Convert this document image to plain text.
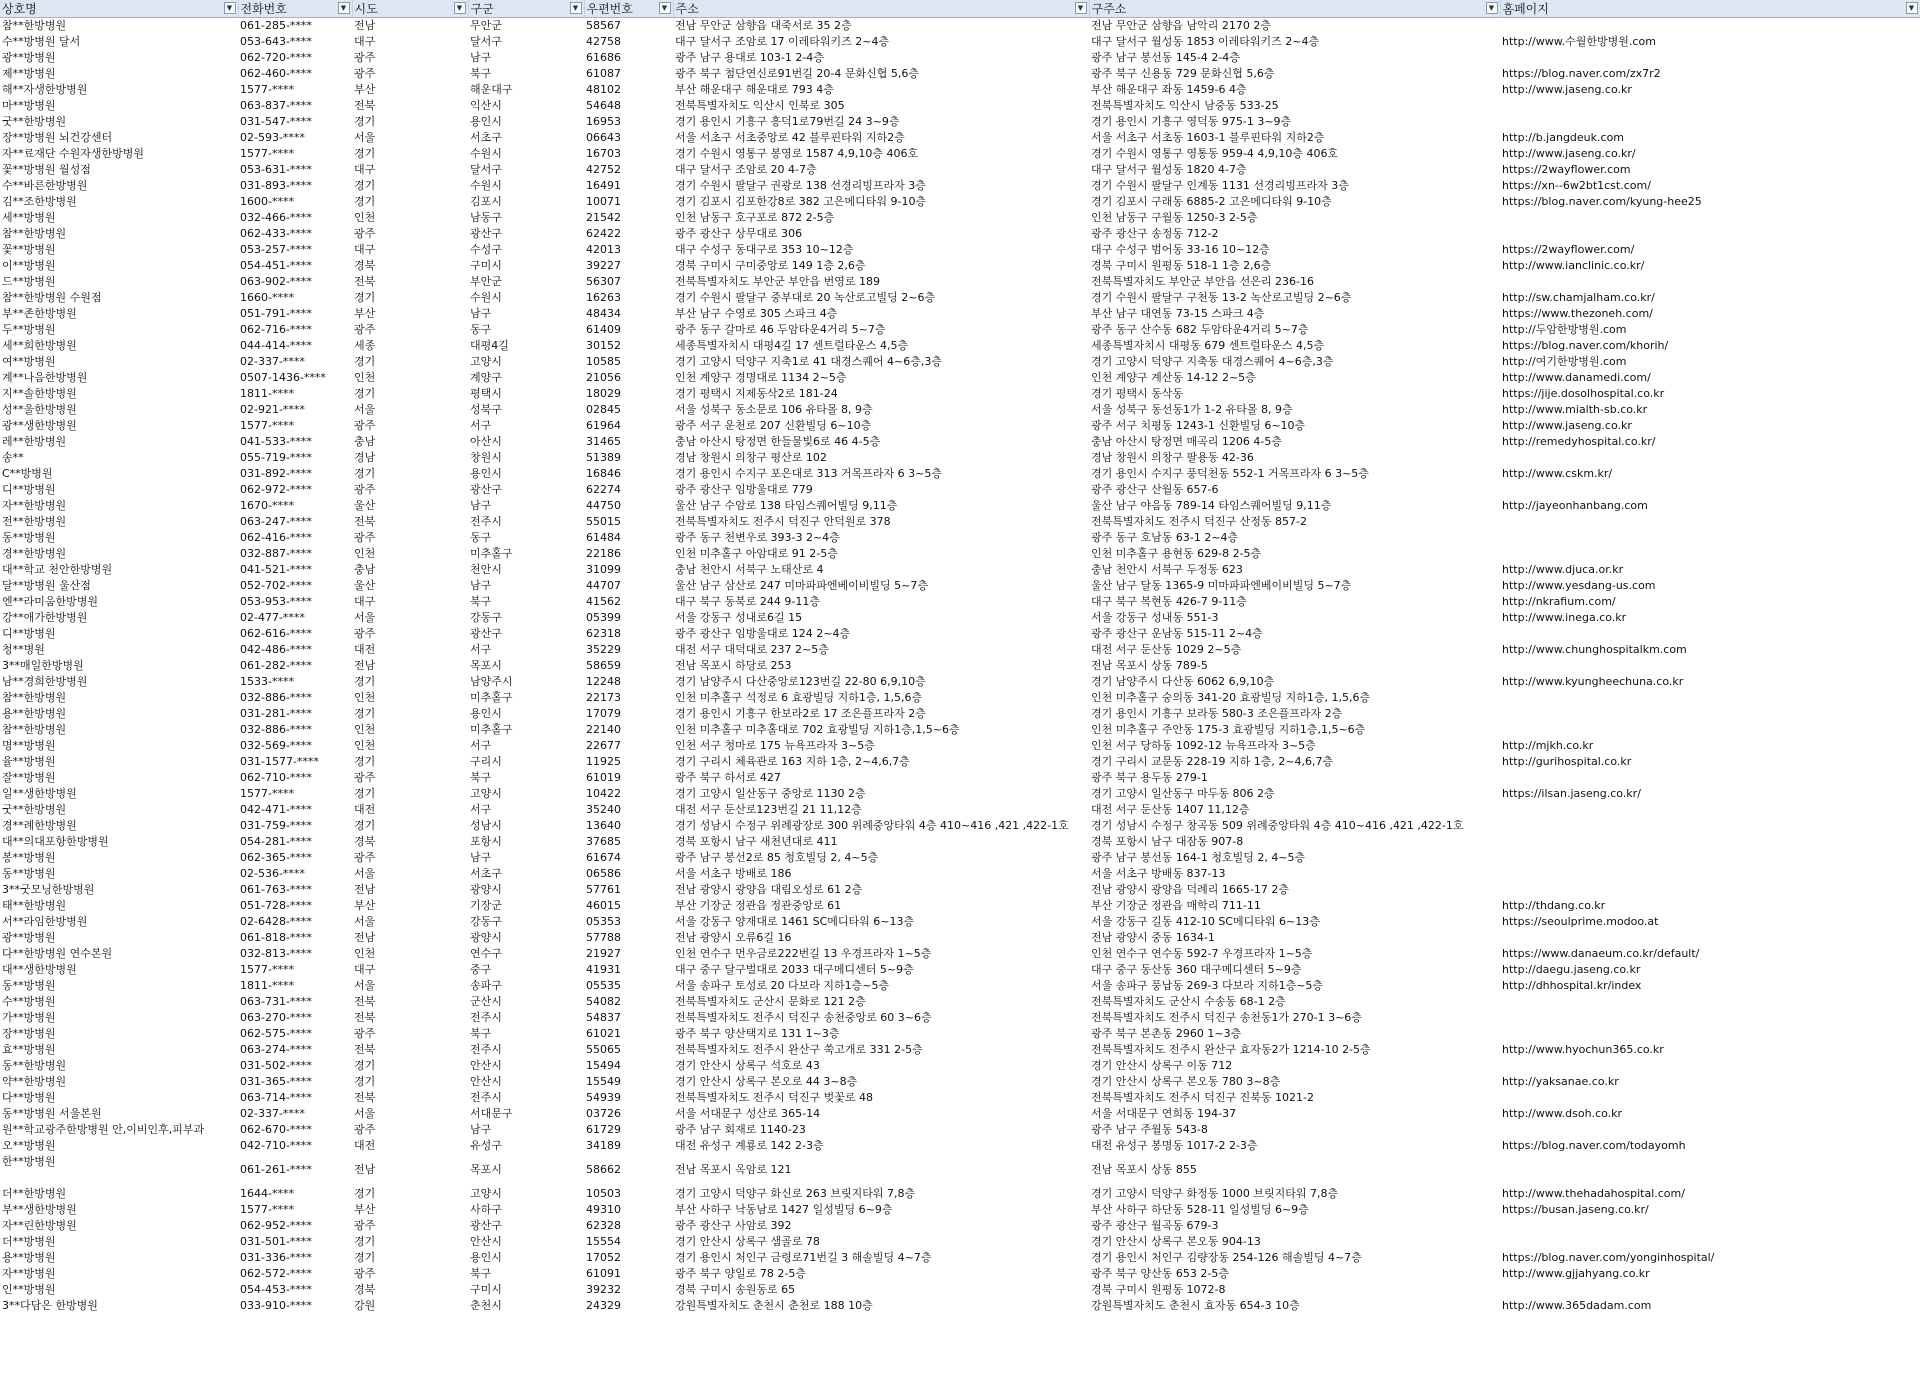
상호명 ▼	전화번호 ▼	시도 ▼	구군 ▼	우편번호 ▼	주소 ▼	구주소 ▼	홈페이지 ▼

참**한방병원	061-285-****	전남	무안군	58567	전남 무안군 삼향읍 대죽서로 35 2층	전남 무안군 삼향읍 남악리 2170 2층	
수**방병원 달서	053-643-****	대구	달서구	42758	대구 달서구 조암로 17 이레타워키즈 2~4층	대구 달서구 월성동 1853 이레타워키즈 2~4층	http://www.수월한방병원.com
광**방병원	062-720-****	광주	남구	61686	광주 남구 용대로 103-1 2-4층	광주 남구 봉선동 145-4 2-4층	
제**방병원	062-460-****	광주	북구	61087	광주 북구 첨단연신로91번길 20-4 문화신협 5,6층	광주 북구 신용동 729 문화신협 5,6층	https://blog.naver.com/zx7r2
해**자생한방병원	1577-****	부산	해운대구	48102	부산 해운대구 해운대로 793 4층	부산 해운대구 좌동 1459-6 4층	http://www.jaseng.co.kr
마**방병원	063-837-****	전북	익산시	54648	전북특별자치도 익산시 인북로 305	전북특별자치도 익산시 남중동 533-25	
굿**한방병원	031-547-****	경기	용인시	16953	경기 용인시 기흥구 흥덕1로79번길 24 3~9층	경기 용인시 기흥구 영덕동 975-1 3~9층	
장**방병원 뇌건강센터	02-593-****	서울	서초구	06643	서울 서초구 서초중앙로 42 블루핀타워 지하2층	서울 서초구 서초동 1603-1 블루핀타워 지하2층	http://b.jangdeuk.com
자**료재단 수원자생한방병원	1577-****	경기	수원시	16703	경기 수원시 영통구 봉영로 1587 4,9,10층 406호	경기 수원시 영통구 영통동 959-4 4,9,10층 406호	http://www.jaseng.co.kr/
꽃**방병원 월성점	053-631-****	대구	달서구	42752	대구 달서구 조암로 20 4-7층	대구 달서구 월성동 1820 4-7층	https://2wayflower.com
수**바른한방병원	031-893-****	경기	수원시	16491	경기 수원시 팔달구 권광로 138 선경리빙프라자 3층	경기 수원시 팔달구 인계동 1131 선경리빙프라자 3층	https://xn--6w2bt1cst.com/
김**조한방병원	1600-****	경기	김포시	10071	경기 김포시 김포한강8로 382 고은메디타워 9-10층	경기 김포시 구래동 6885-2 고은메디타워 9-10층	https://blog.naver.com/kyung-hee25
세**방병원	032-466-****	인천	남동구	21542	인천 남동구 호구포로 872 2-5층	인천 남동구 구월동 1250-3 2-5층	
참**한방병원	062-433-****	광주	광산구	62422	광주 광산구 상무대로 306	광주 광산구 송정동 712-2	
꽃**방병원	053-257-****	대구	수성구	42013	대구 수성구 동대구로 353 10~12층	대구 수성구 범어동 33-16 10~12층	https://2wayflower.com/
이**방병원	054-451-****	경북	구미시	39227	경북 구미시 구미중앙로 149 1층 2,6층	경북 구미시 원평동 518-1 1층 2,6층	http://www.ianclinic.co.kr/
드**방병원	063-902-****	전북	부안군	56307	전북특별자치도 부안군 부안읍 번영로 189	전북특별자치도 부안군 부안읍 선은리 236-16	
참**한방병원 수원점	1660-****	경기	수원시	16263	경기 수원시 팔달구 중부대로 20 녹산로고빌딩 2~6층	경기 수원시 팔달구 구천동 13-2 녹산로고빌딩 2~6층	http://sw.chamjalham.co.kr/
부**존한방병원	051-791-****	부산	남구	48434	부산 남구 수영로 305 스파크 4층	부산 남구 대연동 73-15 스파크 4층	https://www.thezoneh.com/
두**방병원	062-716-****	광주	동구	61409	광주 동구 갈마로 46 두암타운4거리 5~7층	광주 동구 산수동 682 두암타운4거리 5~7층	http://두암한방병원.com
세**희한방병원	044-414-****	세종	대평4길	30152	세종특별자치시 대평4길 17 센트럴타운스 4,5층	세종특별자치시 대평동 679 센트럴타운스 4,5층	https://blog.naver.com/khorih/
여**방병원	02-337-****	경기	고양시	10585	경기 고양시 덕양구 지축1로 41 대경스퀘어 4~6층,3층	경기 고양시 덕양구 지축동 대경스퀘어 4~6층,3층	http://여기한방병원.com
계**나음한방병원	0507-1436-****	인천	계양구	21056	인천 계양구 경명대로 1134 2~5층	인천 계양구 계산동 14-12 2~5층	http://www.danamedi.com/
지**솔한방병원	1811-****	경기	평택시	18029	경기 평택시 지제동삭2로 181-24	경기 평택시 동삭동	https://jije.dosolhospital.co.kr
성**울한방병원	02-921-****	서울	성북구	02845	서울 성북구 동소문로 106 유타몰 8, 9층	서울 성북구 동선동1가 1-2 유타몰 8, 9층	http://www.mialth-sb.co.kr
광**생한방병원	1577-****	광주	서구	61964	광주 서구 운천로 207 신환빌딩 6~10층	광주 서구 치평동 1243-1 신환빌딩 6~10층	http://www.jaseng.co.kr
레**한방병원	041-533-****	충남	아산시	31465	충남 아산시 탕정면 한들물빛6로 46 4-5층	충남 아산시 탕정면 매곡리 1206 4-5층	http://remedyhospital.co.kr/
송**	055-719-****	경남	창원시	51389	경남 창원시 의창구 평산로 102	경남 창원시 의창구 팔용동 42-36	
C**방병원	031-892-****	경기	용인시	16846	경기 용인시 수지구 포은대로 313 거목프라자 6 3~5층	경기 용인시 수지구 풍덕천동 552-1 거목프라자 6 3~5층	http://www.cskm.kr/
디**방병원	062-972-****	광주	광산구	62274	광주 광산구 임방울대로 779	광주 광산구 산월동 657-6	
자**한방병원	1670-****	울산	남구	44750	울산 남구 수암로 138 타임스퀘어빌딩 9,11층	울산 남구 야음동 789-14 타임스퀘어빌딩 9,11층	http://jayeonhanbang.com
전**한방병원	063-247-****	전북	전주시	55015	전북특별자치도 전주시 덕진구 안덕원로 378	전북특별자치도 전주시 덕진구 산정동 857-2	
동**방병원	062-416-****	광주	동구	61484	광주 동구 천변우로 393-3 2~4층	광주 동구 호남동 63-1 2~4층	
경**한방병원	032-887-****	인천	미추홀구	22186	인천 미추홀구 아암대로 91 2-5층	인천 미추홀구 용현동 629-8 2-5층	
대**학교 천안한방병원	041-521-****	충남	천안시	31099	충남 천안시 서북구 노태산로 4	충남 천안시 서북구 두정동 623	http://www.djuca.or.kr
달**방병원 울산점	052-702-****	울산	남구	44707	울산 남구 삼산로 247 미마파파엔베이비빌딩 5~7층	울산 남구 달동 1365-9 미마파파엔베이비빌딩 5~7층	http://www.yesdang-us.com
엔**라미움한방병원	053-953-****	대구	북구	41562	대구 북구 동북로 244 9-11층	대구 북구 복현동 426-7 9-11층	http://nkrafium.com/
강**애가한방병원	02-477-****	서울	강동구	05399	서울 강동구 성내로6길 15	서울 강동구 성내동 551-3	http://www.inega.co.kr
디**방병원	062-616-****	광주	광산구	62318	광주 광산구 임방울대로 124 2~4층	광주 광산구 운남동 515-11 2~4층	
청**병원	042-486-****	대전	서구	35229	대전 서구 대덕대로 237 2~5층	대전 서구 둔산동 1029 2~5층	http://www.chunghospitalkm.com
3**매일한방병원	061-282-****	전남	목포시	58659	전남 목포시 하당로 253	전남 목포시 상동 789-5	
남**경희한방병원	1533-****	경기	남양주시	12248	경기 남양주시 다산중앙로123번길 22-80 6,9,10층	경기 남양주시 다산동 6062 6,9,10층	http://www.kyungheechuna.co.kr
참**한방병원	032-886-****	인천	미추홀구	22173	인천 미추홀구 석정로 6 효광빌딩 지하1층, 1,5,6층	인천 미추홀구 숭의동 341-20 효광빌딩 지하1층, 1,5,6층	
용**한방병원	031-281-****	경기	용인시	17079	경기 용인시 기흥구 한보라2로 17 조은플프라자 2층	경기 용인시 기흥구 보라동 580-3 조은플프라자 2층	
참**한방병원	032-886-****	인천	미추홀구	22140	인천 미추홀구 미추홀대로 702 효광빌딩 지하1층,1,5~6층	인천 미추홀구 주안동 175-3 효광빌딩 지하1층,1,5~6층	
명**방병원	032-569-****	인천	서구	22677	인천 서구 청마로 175 뉴욕프라자 3~5층	인천 서구 당하동 1092-12 뉴욕프라자 3~5층	http://mjkh.co.kr
율**방병원	031-1577-****	경기	구리시	11925	경기 구리시 체육관로 163 지하 1층, 2~4,6,7층	경기 구리시 교문동 228-19 지하 1층, 2~4,6,7층	http://gurihospital.co.kr
잘**방병원	062-710-****	광주	북구	61019	광주 북구 하서로 427	광주 북구 용두동 279-1	
일**생한방병원	1577-****	경기	고양시	10422	경기 고양시 일산동구 중앙로 1130 2층	경기 고양시 일산동구 마두동 806 2층	https://ilsan.jaseng.co.kr/
굿**한방병원	042-471-****	대전	서구	35240	대전 서구 둔산로123번길 21 11,12층	대전 서구 둔산동 1407 11,12층	
경**례한방병원	031-759-****	경기	성남시	13640	경기 성남시 수정구 위례광장로 300 위례중앙타워 4층 410~416 ,421 ,422-1호	경기 성남시 수정구 창곡동 509 위례중앙타워 4층 410~416 ,421 ,422-1호	
대**의대포항한방병원	054-281-****	경북	포항시	37685	경북 포항시 남구 새천년대로 411	경북 포항시 남구 대잠동 907-8	
봉**방병원	062-365-****	광주	남구	61674	광주 남구 봉선2로 85 청호빌딩 2, 4~5층	광주 남구 봉선동 164-1 청호빌딩 2, 4~5층	
동**방병원	02-536-****	서울	서초구	06586	서울 서초구 방배로 186	서울 서초구 방배동 837-13	
3**굿모닝한방병원	061-763-****	전남	광양시	57761	전남 광양시 광양읍 대림오성로 61 2층	전남 광양시 광양읍 덕례리 1665-17 2층	
태**한방병원	051-728-****	부산	기장군	46015	부산 기장군 정관읍 정관중앙로 61	부산 기장군 정관읍 매학리 711-11	http://thdang.co.kr
서**라임한방병원	02-6428-****	서울	강동구	05353	서울 강동구 양재대로 1461 SC메디타워 6~13층	서울 강동구 길동 412-10 SC메디타워 6~13층	https://seoulprime.modoo.at
광**방병원	061-818-****	전남	광양시	57788	전남 광양시 오류6길 16	전남 광양시 중동 1634-1	
다**한방병원 연수본원	032-813-****	인천	연수구	21927	인천 연수구 먼우금로222번길 13 우경프라자 1~5층	인천 연수구 연수동 592-7 우경프라자 1~5층	https://www.danaeum.co.kr/default/
대**생한방병원	1577-****	대구	중구	41931	대구 중구 달구벌대로 2033 대구메디센터 5~9층	대구 중구 동산동 360 대구메디센터 5~9층	http://daegu.jaseng.co.kr
동**방병원	1811-****	서울	송파구	05535	서울 송파구 토성로 20 다보라 지하1층~5층	서울 송파구 풍납동 269-3 다보라 지하1층~5층	http://dhhospital.kr/index
수**방병원	063-731-****	전북	군산시	54082	전북특별자치도 군산시 문화로 121 2층	전북특별자치도 군산시 수송동 68-1 2층	
가**방병원	063-270-****	전북	전주시	54837	전북특별자치도 전주시 덕진구 송천중앙로 60 3~6층	전북특별자치도 전주시 덕진구 송천동1가 270-1 3~6층	
장**방병원	062-575-****	광주	북구	61021	광주 북구 양산택지로 131 1~3층	광주 북구 본촌동 2960 1~3층	
효**방병원	063-274-****	전북	전주시	55065	전북특별자치도 전주시 완산구 쑥고개로 331 2-5층	전북특별자치도 전주시 완산구 효자동2가 1214-10 2-5층	http://www.hyochun365.co.kr
동**한방병원	031-502-****	경기	안산시	15494	경기 안산시 상록구 석호로 43	경기 안산시 상록구 이동 712	
약**한방병원	031-365-****	경기	안산시	15549	경기 안산시 상록구 본오로 44 3~8층	경기 안산시 상록구 본오동 780 3~8층	http://yaksanae.co.kr
다**방병원	063-714-****	전북	전주시	54939	전북특별자치도 전주시 덕진구 벚꽃로 48	전북특별자치도 전주시 덕진구 진북동 1021-2	
동**방병원 서울본원	02-337-****	서울	서대문구	03726	서울 서대문구 성산로 365-14	서울 서대문구 연희동 194-37	http://www.dsoh.co.kr
원**학교광주한방병원 안,이비인후,피부과	062-670-****	광주	남구	61729	광주 남구 회재로 1140-23	광주 남구 주월동 543-8	
오**방병원	042-710-****	대전	유성구	34189	대전 유성구 계룡로 142 2-3층	대전 유성구 봉명동 1017-2 2-3층	https://blog.naver.com/todayomh
한**방병원	061-261-****	전남	목포시	58662	전남 목포시 옥암로 121	전남 목포시 상동 855	
더**한방병원	1644-****	경기	고양시	10503	경기 고양시 덕양구 화신로 263 브릿지타워 7,8층	경기 고양시 덕양구 화정동 1000 브릿지타워 7,8층	http://www.thehadahospital.com/
부**생한방병원	1577-****	부산	사하구	49310	부산 사하구 낙동남로 1427 일성빌딩 6~9층	부산 사하구 하단동 528-11 일성빌딩 6~9층	https://busan.jaseng.co.kr/
자**린한방병원	062-952-****	광주	광산구	62328	광주 광산구 사암로 392	광주 광산구 월곡동 679-3	
더**방병원	031-501-****	경기	안산시	15554	경기 안산시 상록구 샘골로 78	경기 안산시 상록구 본오동 904-13	
용**방병원	031-336-****	경기	용인시	17052	경기 용인시 처인구 금령로71번길 3 해솔빌딩 4~7층	경기 용인시 처인구 김량장동 254-126 해솔빌딩 4~7층	https://blog.naver.com/yonginhospital/
자**방병원	062-572-****	광주	북구	61091	광주 북구 양일로 78 2-5층	광주 북구 양산동 653 2-5층	http://www.gjjahyang.co.kr
인**방병원	054-453-****	경북	구미시	39232	경북 구미시 송원동로 65	경북 구미시 원평동 1072-8	
3**다담은 한방병원	033-910-****	강원	춘천시	24329	강원특별자치도 춘천시 춘천로 188 10층	강원특별자치도 춘천시 효자동 654-3 10층	http://www.365dadam.com
